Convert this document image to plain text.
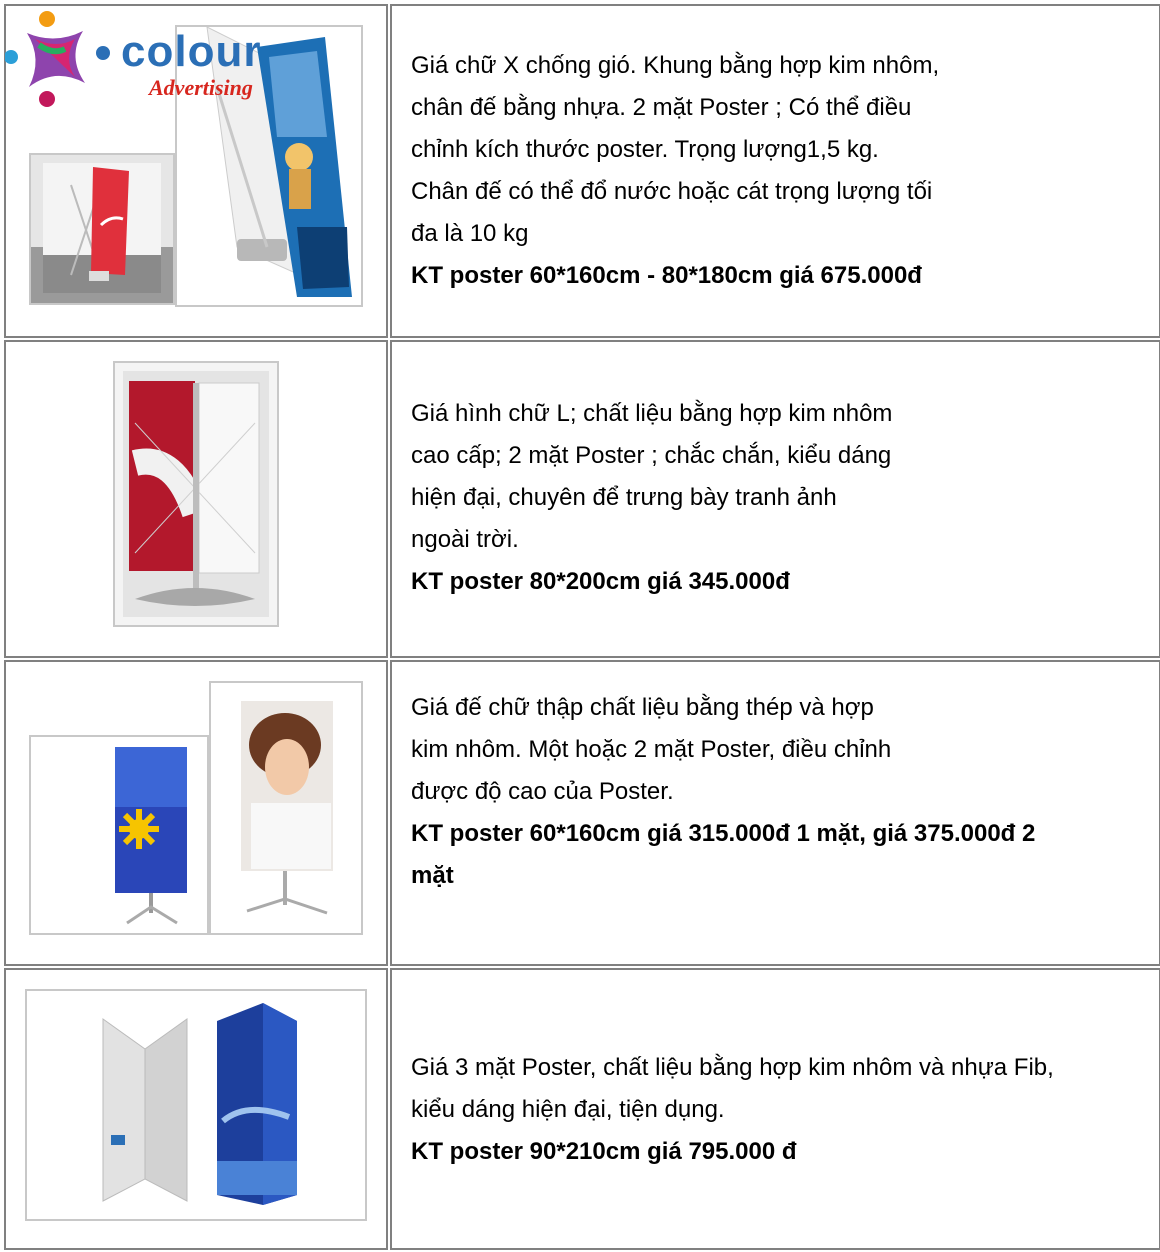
colour
Advertising
Giá chữ X chống gió. Khung bằng hợp kim nhôm,
chân đế bằng nhựa. 2 mặt Poster ; Có thể điều
chỉnh kích thước poster. Trọng lượng1,5 kg.
Chân đế có thể đổ nước hoặc cát trọng lượng tối
đa là 10 kg
KT poster 60*160cm - 80*180cm giá 675.000đ
Giá hình chữ L; chất liệu bằng hợp kim nhôm
cao cấp; 2 mặt Poster ; chắc chắn, kiểu dáng
hiện đại, chuyên để trưng bày tranh ảnh
ngoài trời.
KT poster 80*200cm giá 345.000đ
Giá đế chữ thập chất liệu bằng thép và hợp
kim nhôm. Một hoặc 2 mặt Poster, điều chỉnh
được độ cao của Poster.
KT poster 60*160cm giá 315.000đ 1 mặt, giá 375.000đ 2
mặt
Giá 3 mặt Poster, chất liệu bằng hợp kim nhôm và nhựa Fib,
kiểu dáng hiện đại, tiện dụng.
KT poster 90*210cm giá 795.000 đ
